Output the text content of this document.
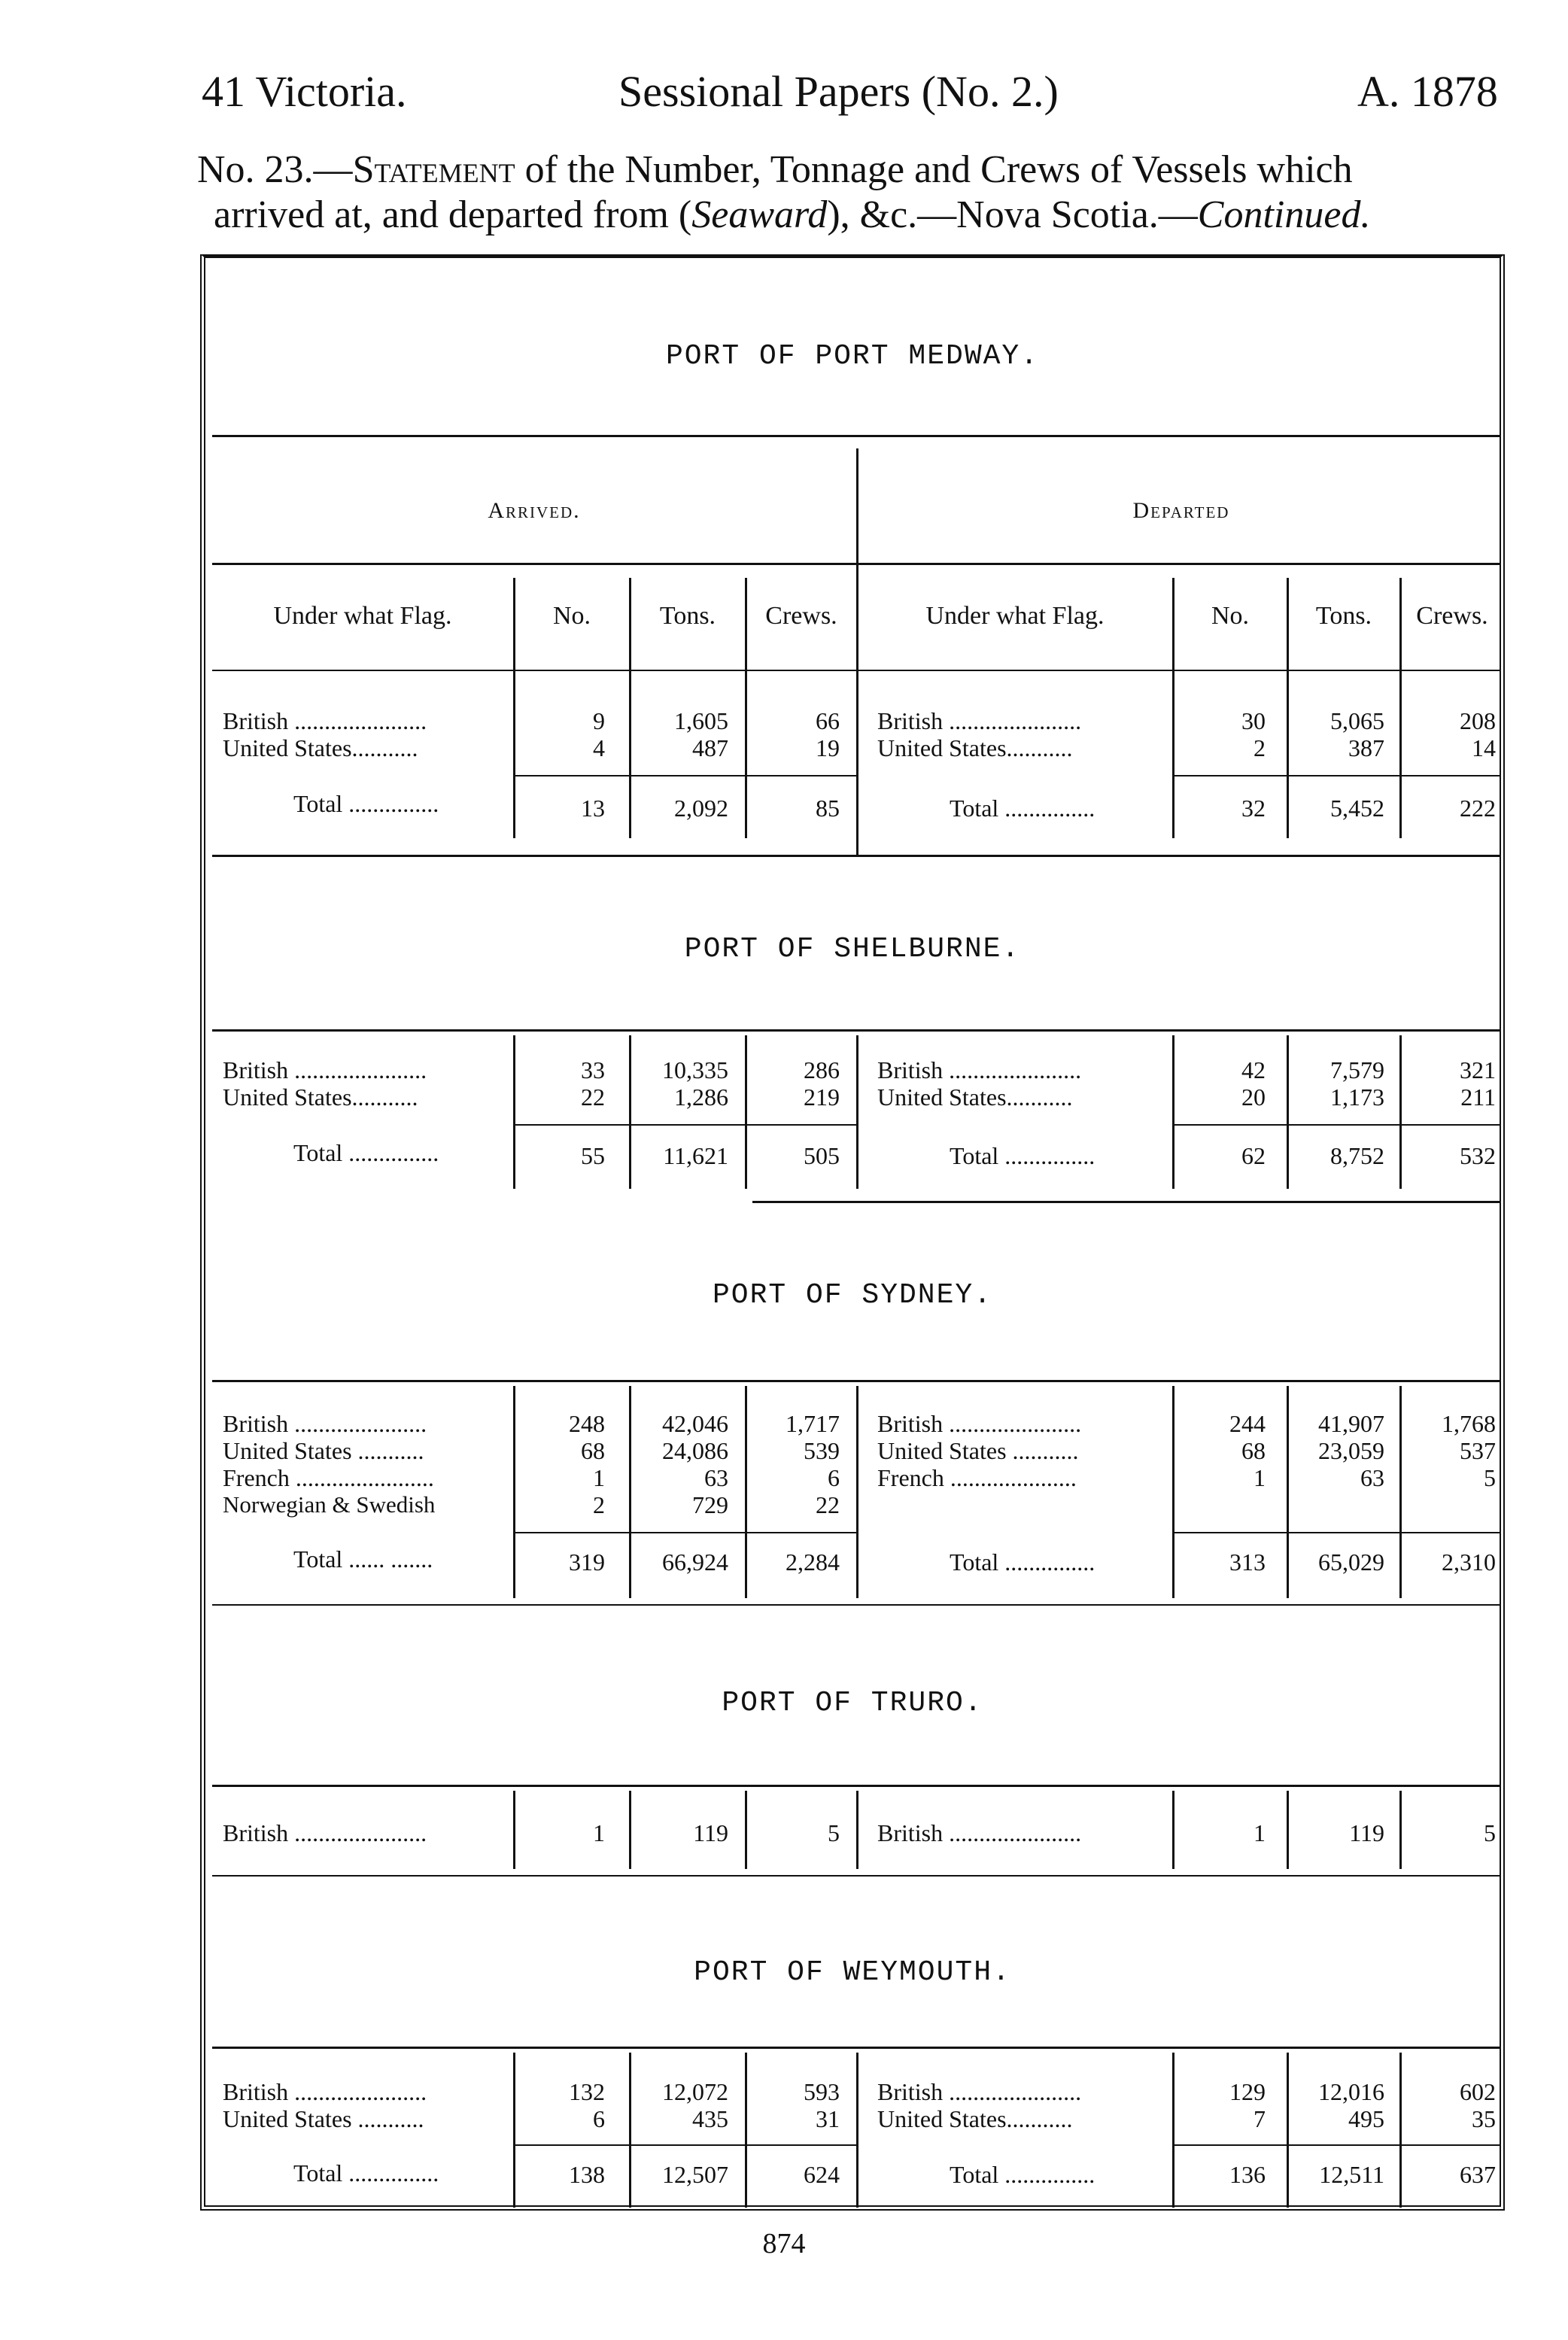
41 Victoria.	Sessional Papers (No. 2.)	A. 1878
No. 23.—Statement of the Number, Tonnage and Crews of Vessels which
arrived at, and departed from (Seaward), &c.—Nova Scotia.—Continued.
PORT OF PORT MEDWAY.
Arrived.	Departed
Under what Flag.	No.	Tons.	Crews.	Under what Flag.	No.	Tons.	Crews.
British ......................	9	1,605	66 British ......................	30	5,065	208
United States...........	4	487	19 United States...........	2	387	14
Total ...............	13	2,092	85	Total ...............	32	5,452	222
PORT OF SHELBURNE.
British ......................	33	10,335	286 British ......................	42	7,579	321
United States...........	22	1,286	219 United States...........	20	1,173	211
Total ...............	55	11,621	505	Total ...............	62	8,752	532
PORT OF SYDNEY.
British ......................	248	42,046	1,717 British ......................	244	41,907	1,768
United States ...........	68	24,086	539 United States ...........	68	23,059	537
French .......................	1	63	6 French .....................	1	63	5
Norwegian & Swedish	2	729	22
Total ...... .......	319	66,924	2,284	Total ...............	313	65,029	2,310
PORT OF TRURO.
British ......................	1	119	5 British ......................	1	119	5
PORT OF WEYMOUTH.
British ......................	132	12,072	593 British ......................	129	12,016	602
United States ...........	6	435	31 United States...........	7	495	35
Total ...............	138	12,507	624	Total ...............	136	12,511	637
874
